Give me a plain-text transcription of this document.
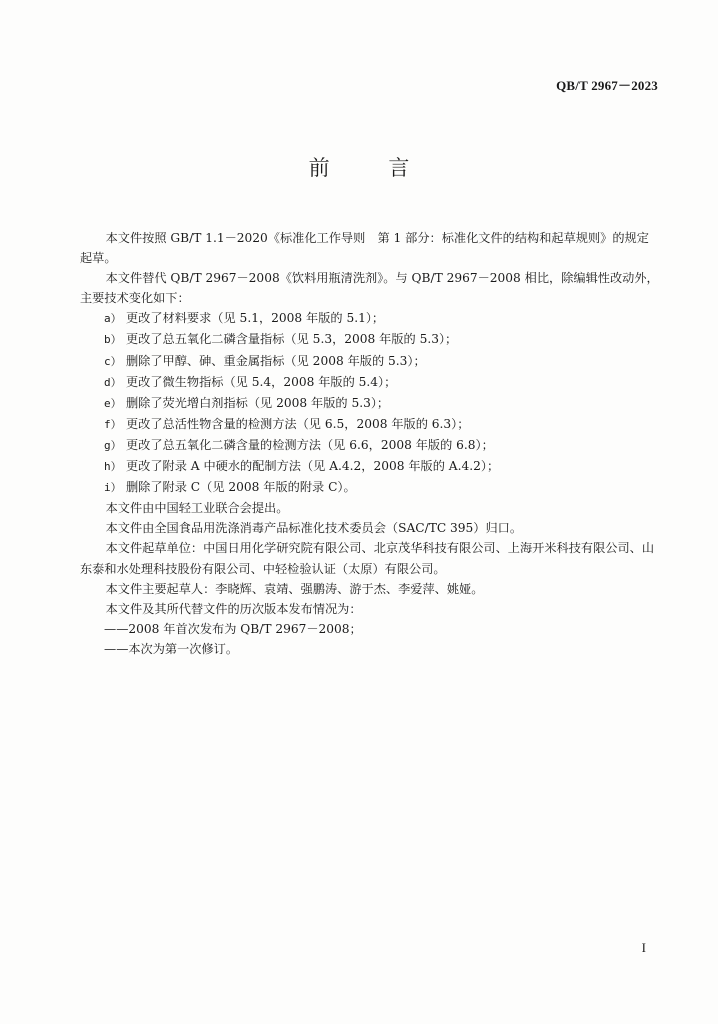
QB/T 2967－2023
前 言

本文件按照 GB/T 1.1－2020《标准化工作导则　第 1 部分：标准化文件的结构和起草规则》的规定起草。

本文件替代 QB/T 2967－2008《饮料用瓶清洗剂》。与 QB/T 2967－2008 相比，除编辑性改动外，主要技术变化如下：

a） 更改了材料要求（见 5.1，2008 年版的 5.1）；

b） 更改了总五氧化二磷含量指标（见 5.3，2008 年版的 5.3）；

c） 删除了甲醇、砷、重金属指标（见 2008 年版的 5.3）；

d） 更改了微生物指标（见 5.4，2008 年版的 5.4）；

e） 删除了荧光增白剂指标（见 2008 年版的 5.3）；

f） 更改了总活性物含量的检测方法（见 6.5，2008 年版的 6.3）；

g） 更改了总五氧化二磷含量的检测方法（见 6.6，2008 年版的 6.8）；

h） 更改了附录 A 中硬水的配制方法（见 A.4.2，2008 年版的 A.4.2）；

i） 删除了附录 C（见 2008 年版的附录 C）。

本文件由中国轻工业联合会提出。

本文件由全国食品用洗涤消毒产品标准化技术委员会（SAC/TC 395）归口。

本文件起草单位：中国日用化学研究院有限公司、北京茂华科技有限公司、上海开米科技有限公司、山东泰和水处理科技股份有限公司、中轻检验认证（太原）有限公司。

本文件主要起草人：李晓辉、袁靖、强鹏涛、游于杰、李爱萍、姚娅。

本文件及其所代替文件的历次版本发布情况为：

——2008 年首次发布为 QB/T 2967－2008；

——本次为第一次修订。

I
